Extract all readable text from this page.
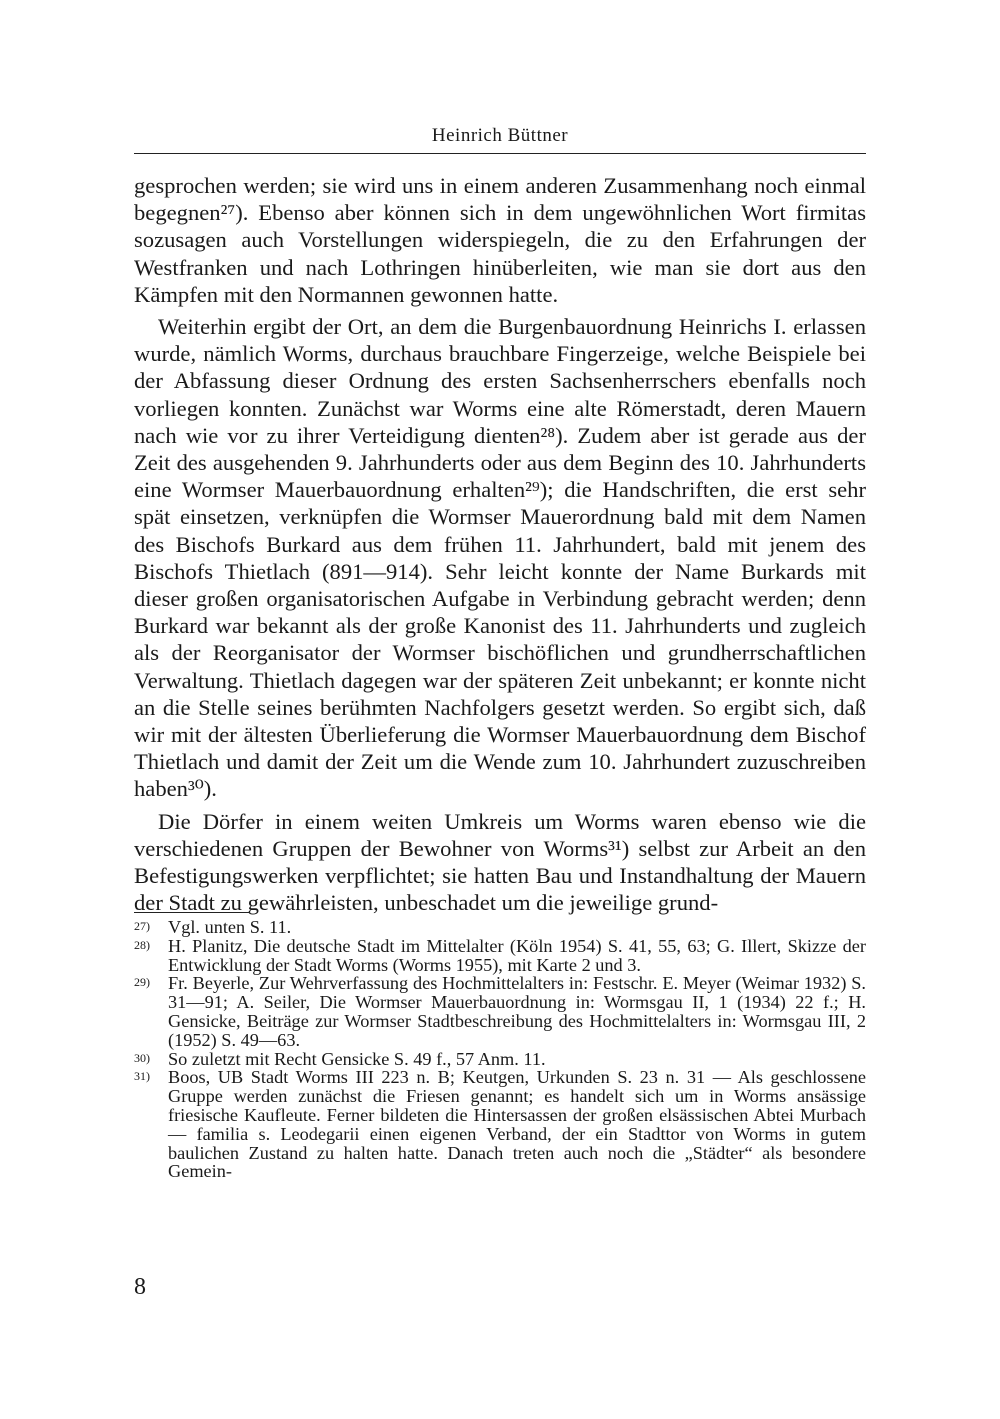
Heinrich Büttner

gesprochen werden; sie wird uns in einem anderen Zusammenhang noch einmal begegnen²⁷). Ebenso aber können sich in dem ungewöhnlichen Wort firmitas sozusagen auch Vorstellungen widerspiegeln, die zu den Erfahrungen der Westfranken und nach Lothringen hinüberleiten, wie man sie dort aus den Kämpfen mit den Normannen gewonnen hatte.

Weiterhin ergibt der Ort, an dem die Burgenbauordnung Heinrichs I. erlassen wurde, nämlich Worms, durchaus brauchbare Fingerzeige, welche Beispiele bei der Abfassung dieser Ordnung des ersten Sachsenherrschers ebenfalls noch vorliegen konnten. Zunächst war Worms eine alte Römerstadt, deren Mauern nach wie vor zu ihrer Verteidigung dienten²⁸). Zudem aber ist gerade aus der Zeit des ausgehenden 9. Jahrhunderts oder aus dem Beginn des 10. Jahrhunderts eine Wormser Mauerbauordnung erhalten²⁹); die Handschriften, die erst sehr spät einsetzen, verknüpfen die Wormser Mauerordnung bald mit dem Namen des Bischofs Burkard aus dem frühen 11. Jahrhundert, bald mit jenem des Bischofs Thietlach (891—914). Sehr leicht konnte der Name Burkards mit dieser großen organisatorischen Aufgabe in Verbindung gebracht werden; denn Burkard war bekannt als der große Kanonist des 11. Jahrhunderts und zugleich als der Reorganisator der Wormser bischöflichen und grundherrschaftlichen Verwaltung. Thietlach dagegen war der späteren Zeit unbekannt; er konnte nicht an die Stelle seines berühmten Nachfolgers gesetzt werden. So ergibt sich, daß wir mit der ältesten Überlieferung die Wormser Mauerbauordnung dem Bischof Thietlach und damit der Zeit um die Wende zum 10. Jahrhundert zuzuschreiben haben³⁰).

Die Dörfer in einem weiten Umkreis um Worms waren ebenso wie die verschiedenen Gruppen der Bewohner von Worms³¹) selbst zur Arbeit an den Befestigungswerken verpflichtet; sie hatten Bau und Instandhaltung der Mauern der Stadt zu gewährleisten, unbeschadet um die jeweilige grund-

27) Vgl. unten S. 11.
28) H. Planitz, Die deutsche Stadt im Mittelalter (Köln 1954) S. 41, 55, 63; G. Illert, Skizze der Entwicklung der Stadt Worms (Worms 1955), mit Karte 2 und 3.
29) Fr. Beyerle, Zur Wehrverfassung des Hochmittelalters in: Festschr. E. Meyer (Weimar 1932) S. 31—91; A. Seiler, Die Wormser Mauerbauordnung in: Wormsgau II, 1 (1934) 22 f.; H. Gensicke, Beiträge zur Wormser Stadtbeschreibung des Hochmittelalters in: Wormsgau III, 2 (1952) S. 49—63.
30) So zuletzt mit Recht Gensicke S. 49 f., 57 Anm. 11.
31) Boos, UB Stadt Worms III 223 n. B; Keutgen, Urkunden S. 23 n. 31 — Als geschlossene Gruppe werden zunächst die Friesen genannt; es handelt sich um in Worms ansässige friesische Kaufleute. Ferner bildeten die Hintersassen der großen elsässischen Abtei Murbach — familia s. Leodegarii einen eigenen Verband, der ein Stadttor von Worms in gutem baulichen Zustand zu halten hatte. Danach treten auch noch die „Städter“ als besondere Gemein-
8
